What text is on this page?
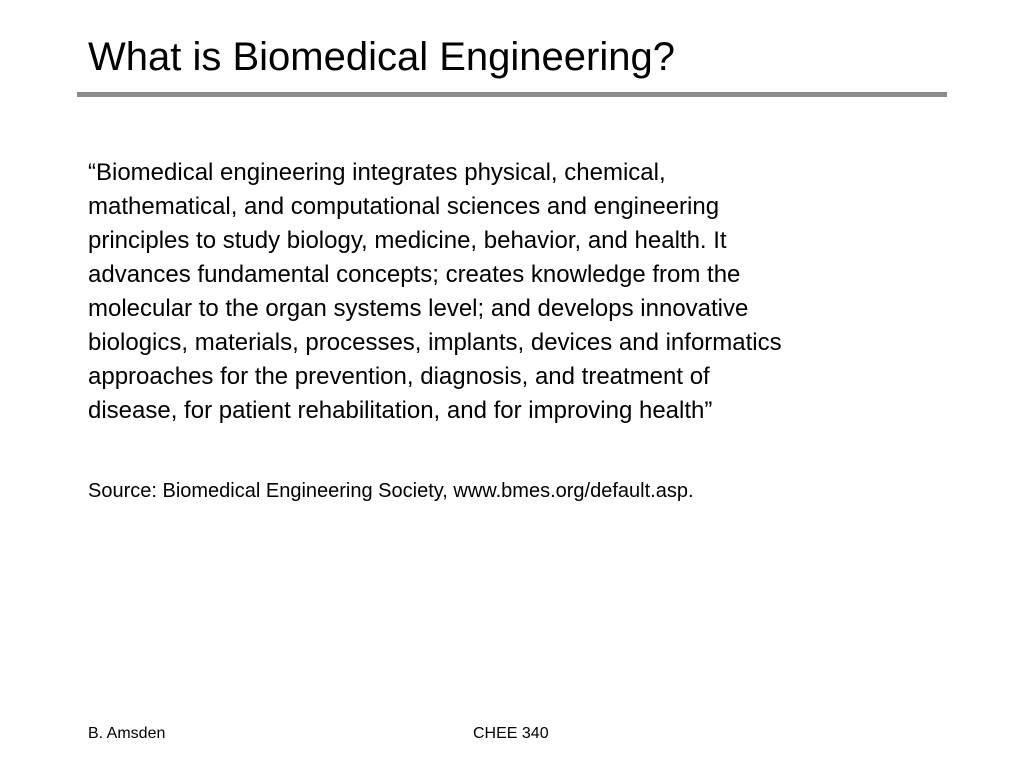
What is Biomedical Engineering?

“Biomedical engineering integrates physical, chemical,
mathematical, and computational sciences and engineering
principles to study biology, medicine, behavior, and health. It
advances fundamental concepts; creates knowledge from the
molecular to the organ systems level; and develops innovative
biologics, materials, processes, implants, devices and informatics
approaches for the prevention, diagnosis, and treatment of
disease, for patient rehabilitation, and for improving health”

Source: Biomedical Engineering Society, www.bmes.org/default.asp.

B. Amsden	CHEE 340
